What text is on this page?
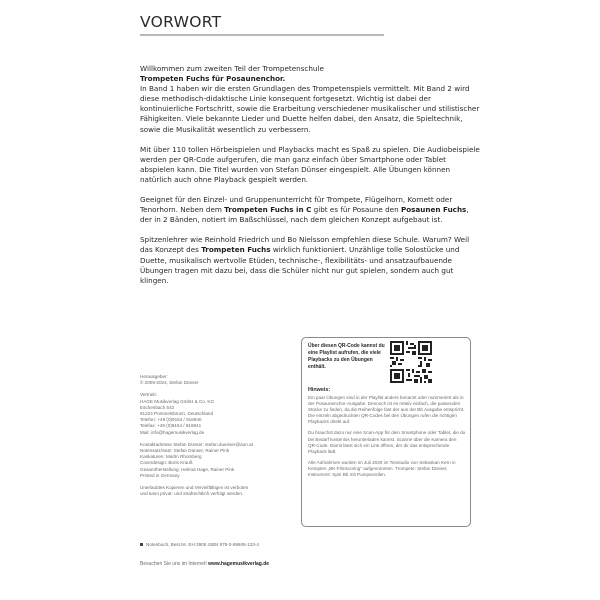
VORWORT

Willkommen zum zweiten Teil der Trompetenschule
Trompeten Fuchs für Posaunenchor.
In Band 1 haben wir die ersten Grundlagen des Trompetenspiels vermittelt. Mit Band 2 wird diese methodisch-didaktische Linie konsequent fortgesetzt. Wichtig ist dabei der kontinuierliche Fortschritt, sowie die Erarbeitung verschiedener musikalischer und stilistischer Fähigkeiten. Viele bekannte Lieder und Duette helfen dabei, den Ansatz, die Spieltechnik, sowie die Musikalität wesentlich zu verbessern.

Mit über 110 tollen Hörbeispielen und Playbacks macht es Spaß zu spielen. Die Audiobeispiele werden per QR-Code aufgerufen, die man ganz einfach über Smartphone oder Tablet abspielen kann. Die Titel wurden von Stefan Dünser eingespielt. Alle Übungen können natürlich auch ohne Playback gespielt werden.

Geeignet für den Einzel- und Gruppenunterricht für Trompete, Flügelhorn, Kornett oder Tenorhorn. Neben dem Trompeten Fuchs in C gibt es für Posaune den Posaunen Fuchs, der in 2 Bänden, notiert im Baßschlüssel, nach dem gleichen Konzept aufgebaut ist.

Spitzenlehrer wie Reinhold Friedrich und Bo Nielsson empfehlen diese Schule. Warum? Weil das Konzept des Trompeten Fuchs wirklich funktioniert. Unzählige tolle Solostücke und Duette, musikalisch wertvolle Etüden, technische-, flexibilitäts- und ansatzaufbauende Übungen tragen mit dazu bei, dass die Schüler nicht nur gut spielen, sondern auch gut klingen.

Herausgeber:
© 2009-2024, Stefan Dünser
Vertrieb:
HAGE Musikverlag GmbH & Co. KG
Eschenbach 542
91224 Pommelsbrunn, Deutschland
Telefon: +49 (0)9154 / 916940
Telefax: +49 (0)9154 / 916941
Mail: info@hagemusikverlag.de
Kontaktadresse Stefan Dünser: stefan.duenser@aon.at
Notensatz/Satz: Stefan Dünser, Rainer Pink
Karikaturen: Martin Rhomberg
Coverdesign: Boris Krauß
Gesamtherstellung: Helmut Hage, Rainer Pink
Printed in Germany
Unerlaubtes Kopieren und Vervielfältigen ist verboten
und kann privat- und strafrechtlich verfolgt werden.
Notenbuch, Best.Nr. EH 3905 ISBN 978-3-89606-133-4
Besuchen Sie uns im Internet! www.hagemusikverlag.de
Über diesen QR-Code kannst du eine Playlist aufrufen, die viele Playbacks zu den Übungen enthält.
Hinweis:

Ein paar Übungen sind in der Playlist anders benannt oder nummeriert als in der Posaunenchor-Ausgabe. Dennoch ist es relativ einfach, die passenden Stücke zu finden, da die Reihenfolge fast der aus der Bb Ausgabe entspricht. Die einzeln abgedruckten QR-Codes bei den Übungen rufen die richtigen Playbacks direkt auf.

Du brauchst dazu nur eine Scan-App für dein Smartphone oder Tablet, die du bei Bedarf kostenlos herunterladen kannst. Scanne über die Kamera den QR-Code. Damit lässt sich ein Link öffnen, der dir das entsprechende Playback lädt.

Alle Aufnahmen wurden im Juli 2020 im Tonstudio von Sebastian Kern in Kempten „BK-Filmscoring" aufgenommen. Trompete: Stefan Dünser, Instrument: Spiri Bb mit Pumpventilen.
